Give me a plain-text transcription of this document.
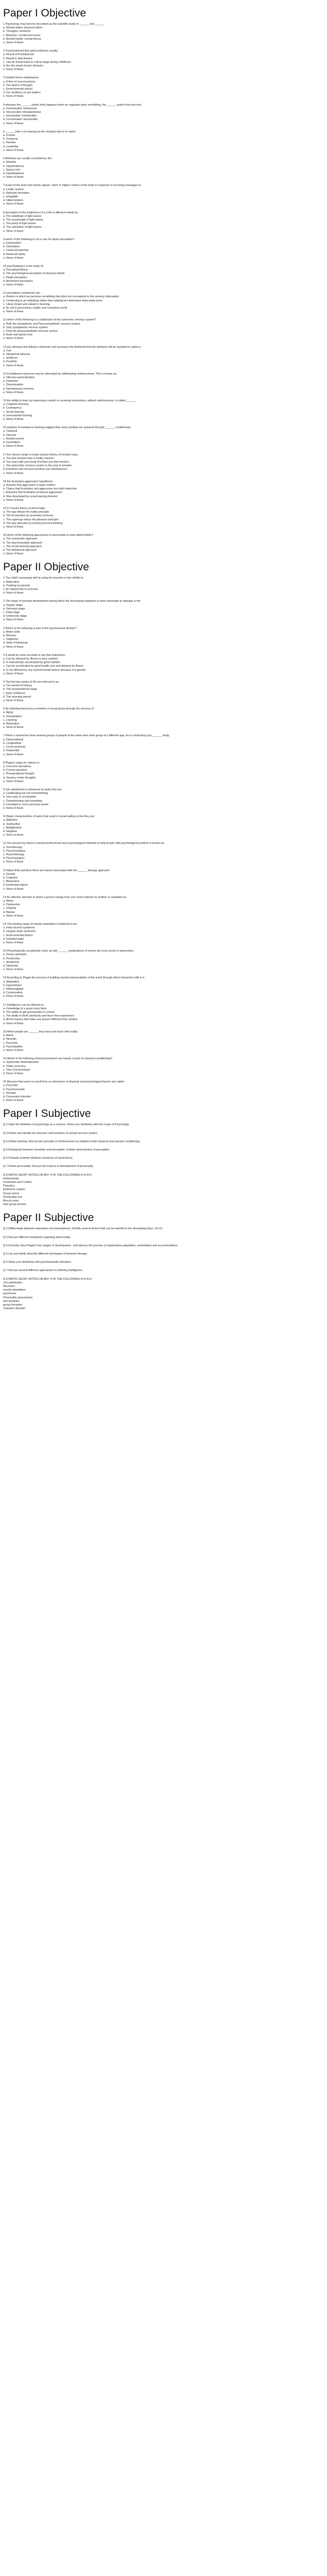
Paper I Objective
1 Psychology may best be described as the scientific study of ______ and ______.
a. Mental states; physical states
b. Thoughts; emotions
c. Behavior; mental processes
d. Mental health; mental illness
e. None of these
2 Freud believed that adult problems usually:
a. Result of frustrated ids
b. Result in bad dreams
c. Can be traced back to critical stage during childhood
d. Are the result of poor behavior
e. None of these
3 Gestalt theory emphasizes:
a. A flow of consciousness
b. The atoms of thought
c. Environmental stimuli
d. Our tendency to see pattern
e. None of these
4 whereas the ______ asked what happens when an organism does something, the ______ asked how and why.
a. Functionalist; behaviorist
b. Structuralist; introspectionist
c. structuralist; functionalist
d. Functionalist; structuralist
e. None of these
5 ______ lobe is to hearing as the occipital lobe is to vision.
a. Frontal
b. Temporal
c. Parietal
d. cerebellar
e. None of these
6 Reflexes are usually controlled by the:
a. Medulla
b. Hypothalamus
c. Spinal cord
d. Hypothalamus
e. None of these
7 A part of the brain that sends signals "alert" to higher centers of the brain in response to incoming messages is:
a. Limbic system
b. Reticular formation
c. amygdale
d. Hippocampus
e. None of these
8 perception of the brightness of a color is affected mainly by:
a. The amplitude of light waves
b. The wavelength of light waves
c. The purity of light waves
d. The saturation of light waves
e. None of these
9 which of the following is not a clue for depth perception?
a. Interposition
b. Orientation
c. Linear perspective
d. Reduced clarity
e. None of these
10 psychophysics is the study of:
a. Perceptual illness
b. The psychological perception of physical stimuli
c. Depth perception
d. Movement perception
e. None of these
11 perceptual constancies are:
a. Illusion in which we perceive something that does not correspond to the sensory information
b. Continuing to an individual rather than helping him determine what really looks
c. Likely known and valued in learning
d. An aid in perceiving a stable and consistent world
e. None of these
12 which of the following is a subdivision of the autonomic nervous system?
a. Both the sympathetic and Para-sympathetic nervous system
b. Only sympathetic nervous system
c. Only the parasympathetic nervous system
d. Brain and spinal cord
e. None of these
13 any stimulus that follows a behavior and increases the likelihood that the behavior will be repeated is called a:
a. Cue
b. Situational stimulus
c. reinforcer
d. Punisher
e. None of these
14 Conditioned response may be eliminated by withdrawing reinforcement. This is known as:
a. Stimulus generalization
b. Extinction
c. Discrimination
d. Spontaneous recovery
e. None of these
15 the ability to learn by observing a model or receiving instructions, without reinforcement, is called ______.
a. Cognitive learning
b. Contingency
c. Social learning
d. Instrumental learning
e. None of these
16 analysis of avoidance learning suggest that many phobias are acquired through ______ conditioning.
a. Classical
b. Operant
c. Reinforcement
d. Intermittent
e. None of these
17 the James-Lange or body reaction theory of emotion says:
a. You feel emotion then a bodily reaction
b. You react with your body first then you feel emotion
c. The autonomic nervous system is the seat of emotion
d. Emotions and visceral reactions are simultaneous
e. None of these
18 the frustration-aggression hypothesis:
a. Assume that aggression is basic instinct
b. Claims that frustration and aggression are both instinctive
c. Assumes that frustration produces aggression
d. Was developed by social learning theorist
e. None of these
19 In Freud's theory of personality:
a. The ego delays the reality principle
b. The id operates by secondary process
c. The superego obeys the pleasure principle
d. The ego operates by primary process thinking
e. None of these
20 which of the following approaches to personality is least deterministic?
a. The humanistic approach
b. The psychoanalytic approach
c. The social learning approach
d. The behavioral approach
e. None of these
Paper II Objective
1 The child's increasing skill at using his muscles is due chiefly to:
a. Maturation
b. Pushing by parents
c. An opportunity to exercise
d. None of these
2 The range of prenatal development during which the developing organism is most vulnerable to damage is the
a. Zygotic stage
b. Germinal stage
c. Fetal stage
d. Embryonic stage
e. None of these
3 Which of the following is part of the psychosocial domain?
a. Motor skills
b. Memory
c. Judgment
d. Style of behaving
e. None of these
4 It would be more accurate to say that maturation:
a. Can be delayed by illness or poor nutrition
b. Is dramatically accelerated by good nutrition
c. Can be accelerated by good health care and delayed by illness
d. Is not affected by any environmental factors because it is genetic
e. None of these
5 The first two weeks of life are referred to as:
a. The period of infancy
b. The preoperational stage
c. Early childhood
d. The neonatal period
e. None of these
6 An individual becomes a member of social group through the process of:
a. Aging
b. Socialization
c. Learning
d. Maturation
e. None of these
7 When a researcher tests several groups of people at the same time each group at a different age, he is conducting a(n) ______ study.
a. Observational
b. Longitudinal
c. Cross-sectional
d. Sequential
e. None of these
8 Piaget's stage for infancy is:
a. Concrete operations
b. Formal operation
c. Preoperational thought
d. Sensory motor thoughts
e. None of these
9 Job satisfaction is enhanced by tasks that are:
a. Challenging but not overwhelming
b. Very easy to accomplish
c. Overwhelming and rewarding
d. Unrelated to one's personal needs
e. None of these
10 Basic characteristics of tasks that result in social loafing is that they are:
a. Addictive
b. Subtractive
c. Multiplicative
d. Negative
e. None of these
11 The process by which a trained professional uses psychological methods to help people with psychological problem is known as:
a. Sociotherapy
b. Psychoanalysis
c. Psychotherapy
d. Psychosurgery
e. None of these
12 Albert Ellis and Aron Beck are names associated with the ______ therapy approach.
a. Gestalt
b. Cognitive
c. Behavioral
d. Existential-logical
e. None of these
13 An affective disorder in which a person swings from one mood extreme to another is classified as:
a. Manic
b. Depressive
c. Unipolar
d. Bipolar
e. None of these
14 The leading cause of mental retardation is believed to be:
a. Fetal alcohol syndrome
b. Organic brain syndrome
c. Environmental factors
d. Inherited traits
e. None of these
15 Physiologically consistently come up with ______ explanations of events are more prone to depression.
a. Overly optimistic
b. Pessimistic
c. Situational
d. Optimistic
e. None of these
16 According to Piaget the process of building mental representation of the world through direct interaction with it is:
a. Adaptation
b. Egocentrism
c. Hetheroglobal
d. Conservation
e. None of these
17 Intelligence can be defined as:
a. Knowledge of a great many facts
b. The ability to get good grades in school
c. The ability to think abstractly and learn from experience
d. All the factors that make one person different from another
e. None of these
18 When people are ______ they have lost touch with reality.
a. Manic
b. Neurotic
c. Psychotic
d. Psychopathic
e. None of these
19 Which of the following clinical procedures are based, in part on classical conditioning?
a. Systematic desensitization
b. Token economy
c. Time Out technique
d. None of these
20 Illnesses that seem to result from an interaction of physical and psychological factors are called:
a. Psychotic
b. Psychosomatic
c. Somatic
d. Conversion disorder
e. None of these
Paper I Subjective
Q.2 State the definition of psychology as a science. Show your familiarity with the scope of Psychology.
Q.3 Define and identify the structure and functions of central nervous system.
Q.4 Define learning. Discuss the principle of reinforcement as related to both classical and operant conditioning.
Q.5 Distinguish between sensation and perception. Explain determinants of perception.
Q.6 Critically examine Maslows hierarchy of need theory.
Q.7 Define personality. Discuss the Factors in development of personality.
Q.8 WRITE SHORT NOTES ON ANY 4 OF THE FOLLOWING:5+5+5+5
Homeostasis
Frustration and Conflict
Prejudice
Endocrine system
Group norms
Personality test
Broca's area
Inter group tension
Paper II Subjective
Q.2 Differentiate between maturation and development. Identify several factors that can be harmful to the developing fetus. 10+10
Q.3 Discuss different viewpoints regarding abnormality.
Q.4 Describe Jean Piaget's four stages of development ; and discuss the process of organization,adaptation ,assimilation and accommodation.
Q.5 List and briefly describe different techniques of behavior therapy.
Q.6 Show your familiarity with psychosomatic disorders.
Q.7 Discuss several different approaches to defining intelligence.
Q.8 WRITE SHORT NOTES ON ANY 4 OF THE FOLLOWING:5+5+5+5
Job satisfaction
Neuroses
mental retardation
psychoses
Personality assessment
anti anxieties
group therapies
character disorder
